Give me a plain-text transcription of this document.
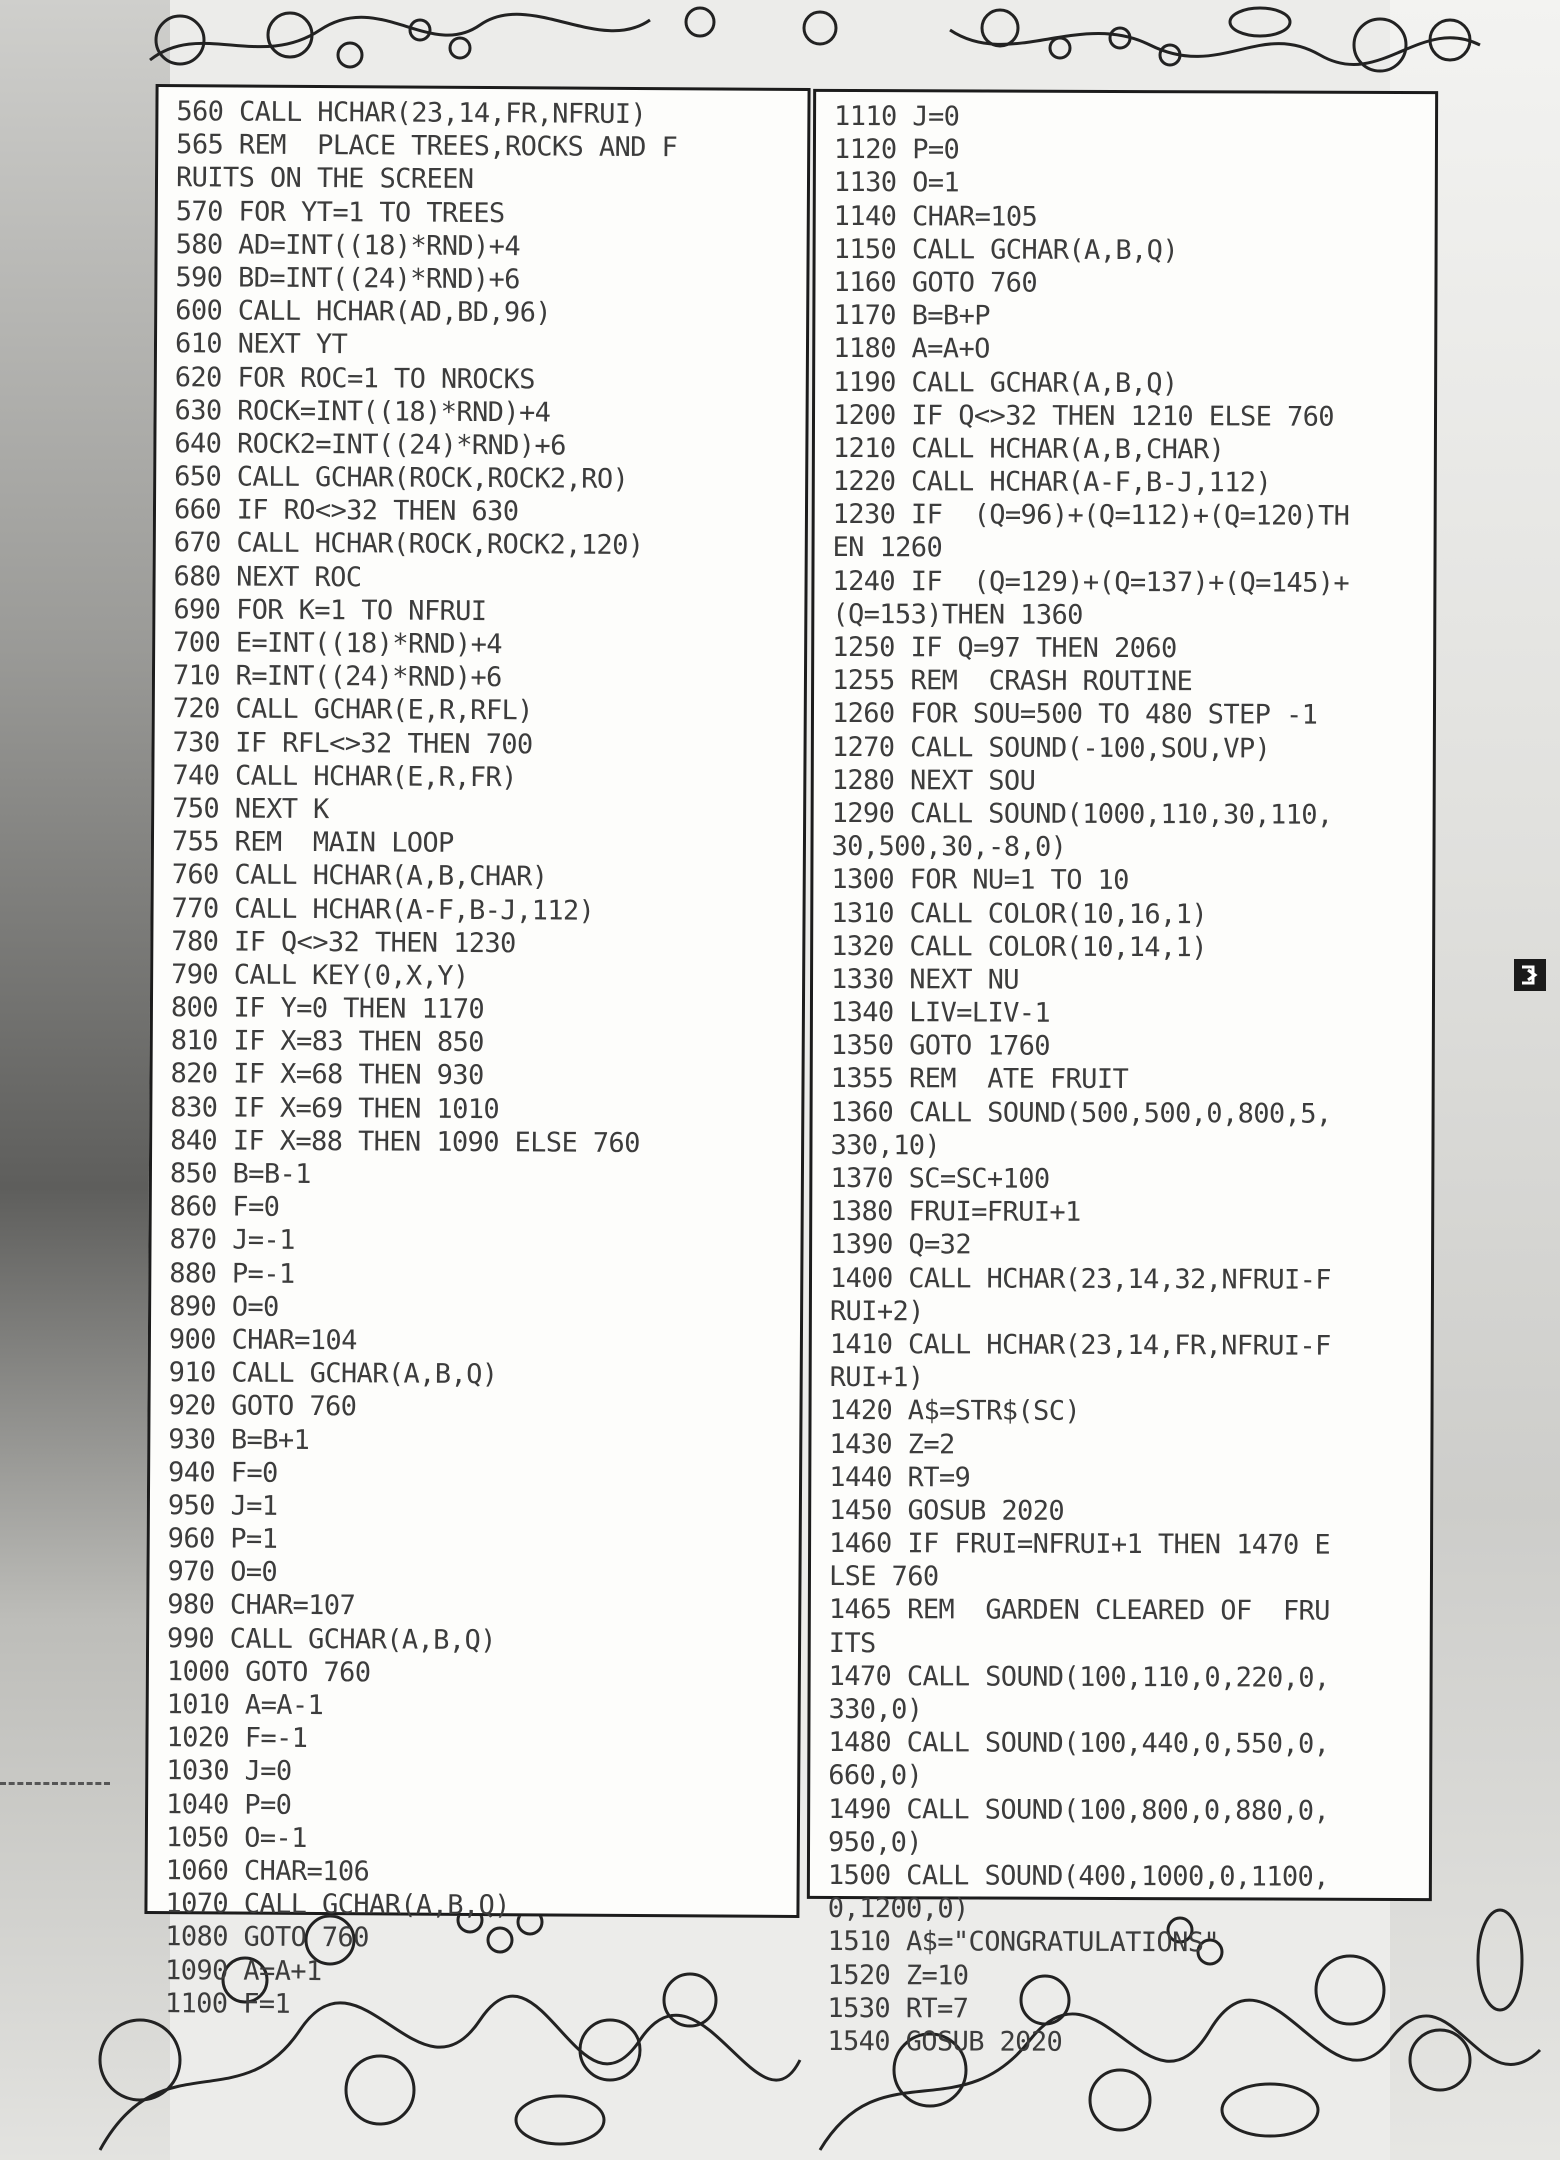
560 CALL HCHAR(23,14,FR,NFRUI)
565 REM  PLACE TREES,ROCKS AND F
RUITS ON THE SCREEN
570 FOR YT=1 TO TREES
580 AD=INT((18)*RND)+4
590 BD=INT((24)*RND)+6
600 CALL HCHAR(AD,BD,96)
610 NEXT YT
620 FOR ROC=1 TO NROCKS
630 ROCK=INT((18)*RND)+4
640 ROCK2=INT((24)*RND)+6
650 CALL GCHAR(ROCK,ROCK2,RO)
660 IF RO<>32 THEN 630
670 CALL HCHAR(ROCK,ROCK2,120)
680 NEXT ROC
690 FOR K=1 TO NFRUI
700 E=INT((18)*RND)+4
710 R=INT((24)*RND)+6
720 CALL GCHAR(E,R,RFL)
730 IF RFL<>32 THEN 700
740 CALL HCHAR(E,R,FR)
750 NEXT K
755 REM  MAIN LOOP
760 CALL HCHAR(A,B,CHAR)
770 CALL HCHAR(A-F,B-J,112)
780 IF Q<>32 THEN 1230
790 CALL KEY(0,X,Y)
800 IF Y=0 THEN 1170
810 IF X=83 THEN 850
820 IF X=68 THEN 930
830 IF X=69 THEN 1010
840 IF X=88 THEN 1090 ELSE 760
850 B=B-1
860 F=0
870 J=-1
880 P=-1
890 O=0
900 CHAR=104
910 CALL GCHAR(A,B,Q)
920 GOTO 760
930 B=B+1
940 F=0
950 J=1
960 P=1
970 O=0
980 CHAR=107
990 CALL GCHAR(A,B,Q)
1000 GOTO 760
1010 A=A-1
1020 F=-1
1030 J=0
1040 P=0
1050 O=-1
1060 CHAR=106
1070 CALL GCHAR(A,B,Q)
1080 GOTO 760
1090 A=A+1
1100 F=1
1110 J=0
1120 P=0
1130 O=1
1140 CHAR=105
1150 CALL GCHAR(A,B,Q)
1160 GOTO 760
1170 B=B+P
1180 A=A+O
1190 CALL GCHAR(A,B,Q)
1200 IF Q<>32 THEN 1210 ELSE 760
1210 CALL HCHAR(A,B,CHAR)
1220 CALL HCHAR(A-F,B-J,112)
1230 IF  (Q=96)+(Q=112)+(Q=120)TH
EN 1260
1240 IF  (Q=129)+(Q=137)+(Q=145)+
(Q=153)THEN 1360
1250 IF Q=97 THEN 2060
1255 REM  CRASH ROUTINE
1260 FOR SOU=500 TO 480 STEP -1
1270 CALL SOUND(-100,SOU,VP)
1280 NEXT SOU
1290 CALL SOUND(1000,110,30,110,
30,500,30,-8,0)
1300 FOR NU=1 TO 10
1310 CALL COLOR(10,16,1)
1320 CALL COLOR(10,14,1)
1330 NEXT NU
1340 LIV=LIV-1
1350 GOTO 1760
1355 REM  ATE FRUIT
1360 CALL SOUND(500,500,0,800,5,
330,10)
1370 SC=SC+100
1380 FRUI=FRUI+1
1390 Q=32
1400 CALL HCHAR(23,14,32,NFRUI-F
RUI+2)
1410 CALL HCHAR(23,14,FR,NFRUI-F
RUI+1)
1420 A$=STR$(SC)
1430 Z=2
1440 RT=9
1450 GOSUB 2020
1460 IF FRUI=NFRUI+1 THEN 1470 E
LSE 760
1465 REM  GARDEN CLEARED OF  FRU
ITS
1470 CALL SOUND(100,110,0,220,0,
330,0)
1480 CALL SOUND(100,440,0,550,0,
660,0)
1490 CALL SOUND(100,800,0,880,0,
950,0)
1500 CALL SOUND(400,1000,0,1100,
0,1200,0)
1510 A$="CONGRATULATIONS"
1520 Z=10
1530 RT=7
1540 GOSUB 2020
